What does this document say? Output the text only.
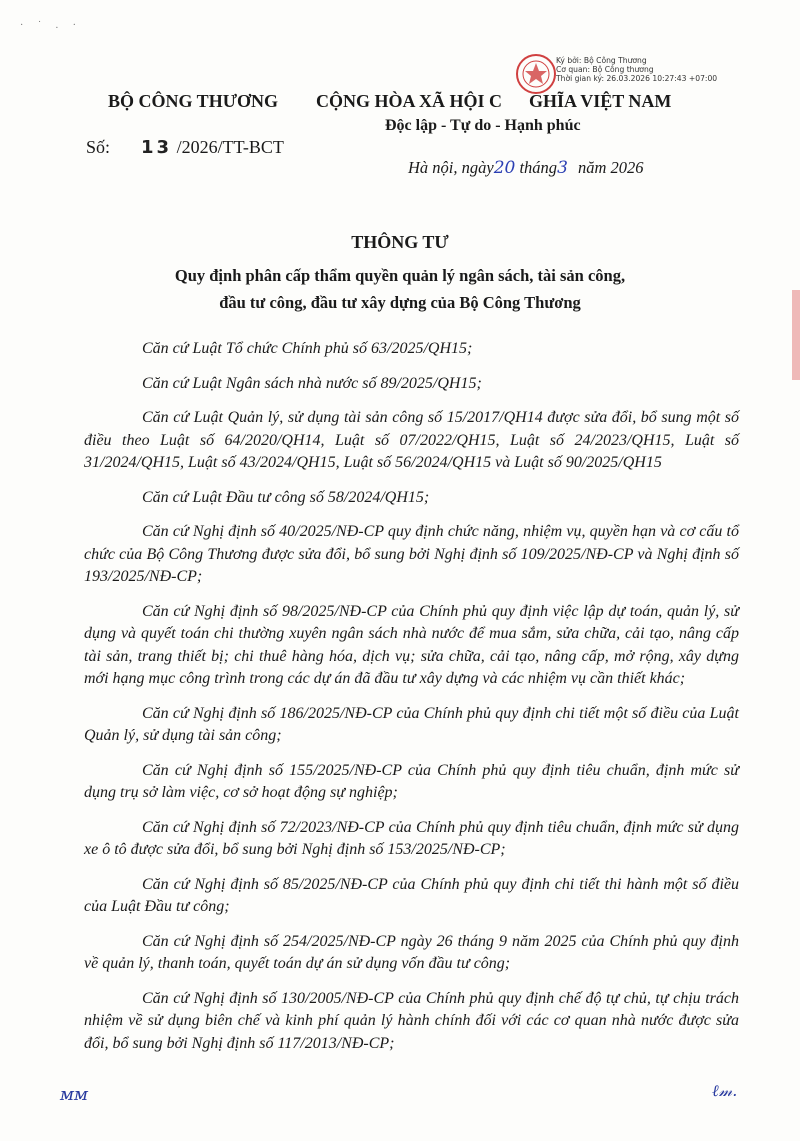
· ˙ . ·
Ký bởi: Bộ Công Thương
Cơ quan: Bộ Công thương
Thời gian ký: 26.03.2026 10:27:43 +07:00
BỘ CÔNG THƯƠNG CỘNG HÒA XÃ HỘI C      GHĨA VIỆT NAM
Độc lập - Tự do - Hạnh phúc
Số: 13 /2026/TT-BCT
Hà nội, ngày20 tháng3 năm 2026
THÔNG TƯ
Quy định phân cấp thẩm quyền quản lý ngân sách, tài sản công,
đầu tư công, đầu tư xây dựng của Bộ Công Thương

Căn cứ Luật Tổ chức Chính phủ số 63/2025/QH15;

Căn cứ Luật Ngân sách nhà nước số 89/2025/QH15;

Căn cứ Luật Quản lý, sử dụng tài sản công số 15/2017/QH14 được sửa đổi, bổ sung một số điều theo Luật số 64/2020/QH14, Luật số 07/2022/QH15, Luật số 24/2023/QH15, Luật số 31/2024/QH15, Luật số 43/2024/QH15, Luật số 56/2024/QH15 và Luật số 90/2025/QH15

Căn cứ Luật Đầu tư công số 58/2024/QH15;

Căn cứ Nghị định số 40/2025/NĐ-CP quy định chức năng, nhiệm vụ, quyền hạn và cơ cấu tổ chức của Bộ Công Thương được sửa đổi, bổ sung bởi Nghị định số 109/2025/NĐ-CP và Nghị định số 193/2025/NĐ-CP;

Căn cứ Nghị định số 98/2025/NĐ-CP của Chính phủ quy định việc lập dự toán, quản lý, sử dụng và quyết toán chi thường xuyên ngân sách nhà nước để mua sắm, sửa chữa, cải tạo, nâng cấp tài sản, trang thiết bị; chi thuê hàng hóa, dịch vụ; sửa chữa, cải tạo, nâng cấp, mở rộng, xây dựng mới hạng mục công trình trong các dự án đã đầu tư xây dựng và các nhiệm vụ cần thiết khác;

Căn cứ Nghị định số 186/2025/NĐ-CP của Chính phủ quy định chi tiết một số điều của Luật Quản lý, sử dụng tài sản công;

Căn cứ Nghị định số 155/2025/NĐ-CP của Chính phủ quy định tiêu chuẩn, định mức sử dụng trụ sở làm việc, cơ sở hoạt động sự nghiệp;

Căn cứ Nghị định số 72/2023/NĐ-CP của Chính phủ quy định tiêu chuẩn, định mức sử dụng xe ô tô được sửa đổi, bổ sung bởi Nghị định số 153/2025/NĐ-CP;

Căn cứ Nghị định số 85/2025/NĐ-CP của Chính phủ quy định chi tiết thi hành một số điều của Luật Đầu tư công;

Căn cứ Nghị định số 254/2025/NĐ-CP ngày 26 tháng 9 năm 2025 của Chính phủ quy định về quản lý, thanh toán, quyết toán dự án sử dụng vốn đầu tư công;

Căn cứ Nghị định số 130/2005/NĐ-CP của Chính phủ quy định chế độ tự chủ, tự chịu trách nhiệm về sử dụng biên chế và kinh phí quản lý hành chính đối với các cơ quan nhà nước được sửa đổi, bổ sung bởi Nghị định số 117/2013/NĐ-CP;

ᴍᴍ	ℓ𝓂.
